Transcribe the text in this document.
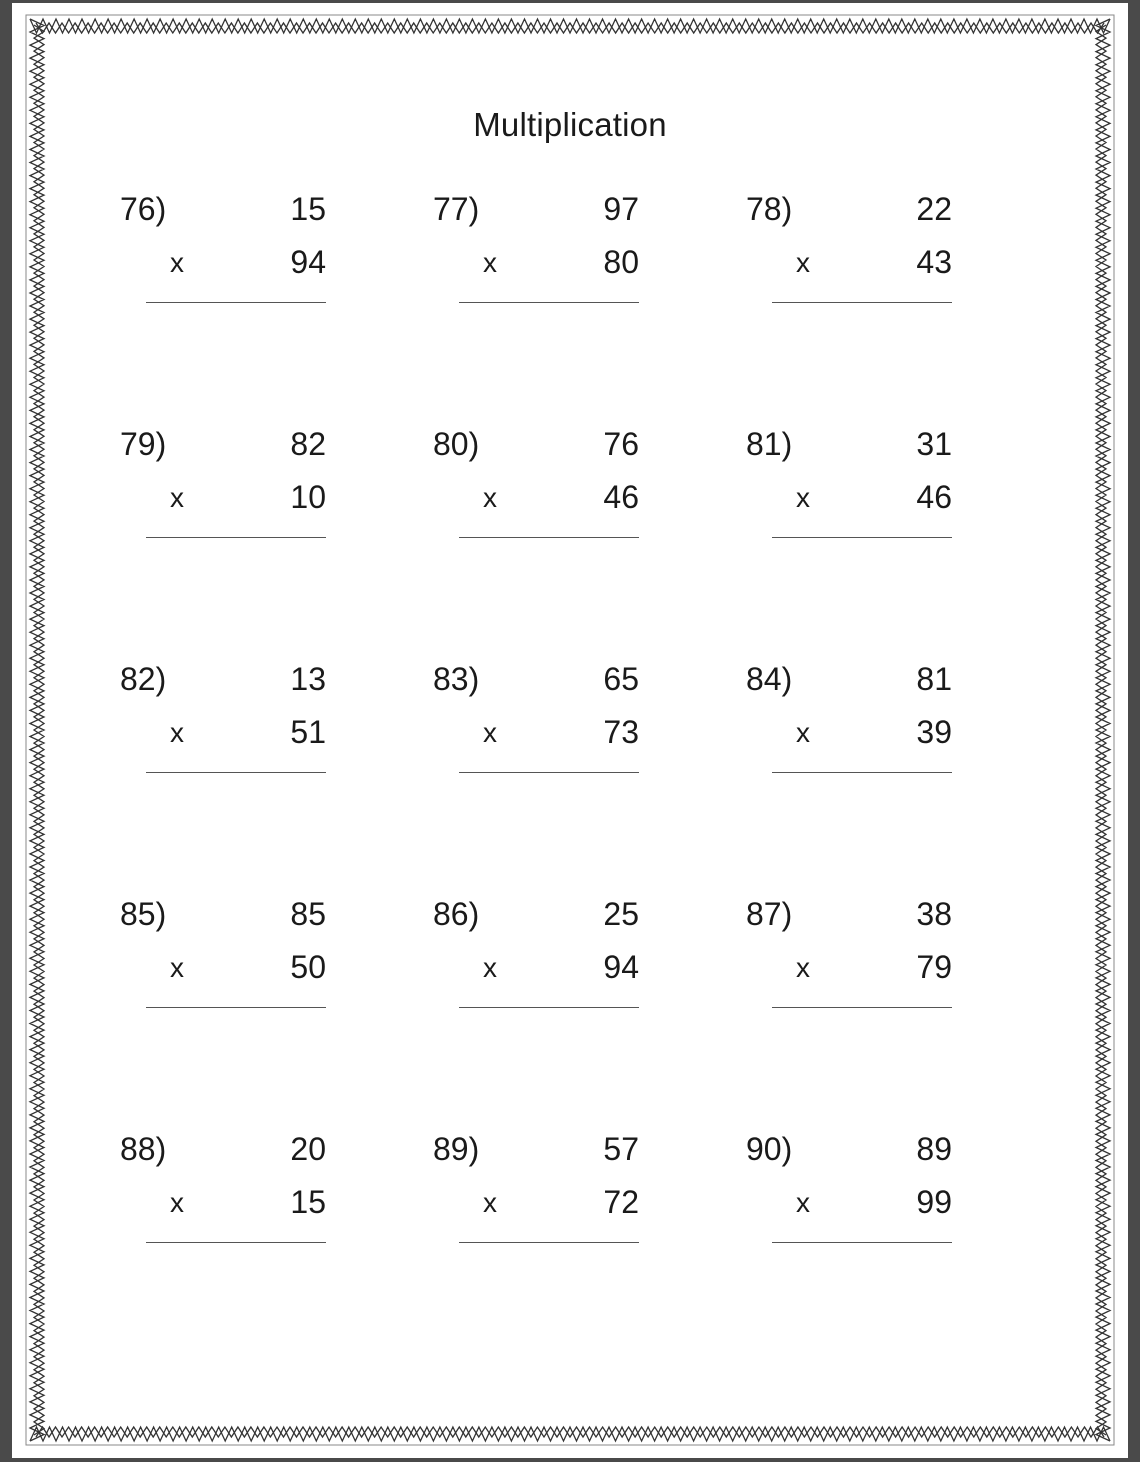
Multiplication
76)	15
x	94
77)	97
x	80
78)	22
x	43
79)	82
x	10
80)	76
x	46
81)	31
x	46
82)	13
x	51
83)	65
x	73
84)	81
x	39
85)	85
x	50
86)	25
x	94
87)	38
x	79
88)	20
x	15
89)	57
x	72
90)	89
x	99
